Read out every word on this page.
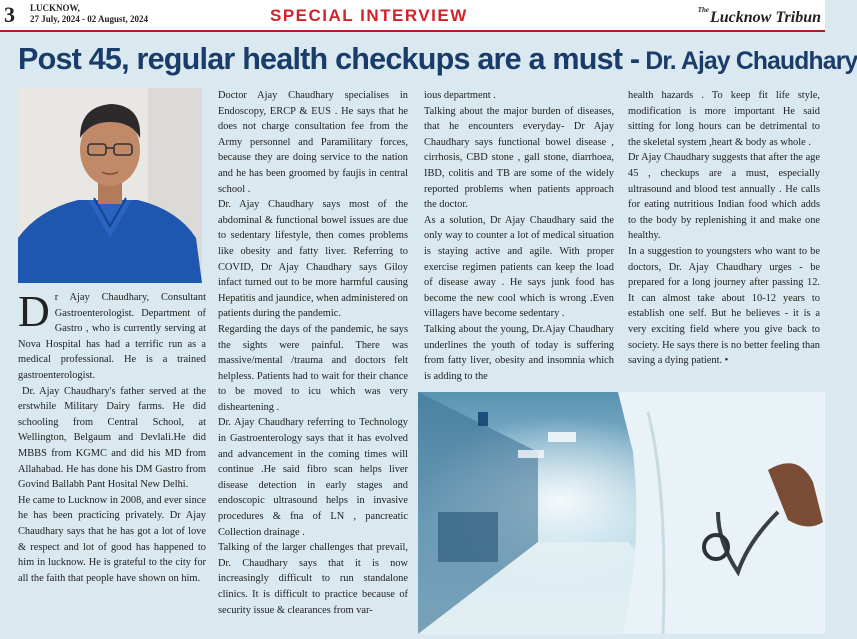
3 LUCKNOW,
27 July, 2024 - 02 August, 2024	SPECIAL INTERVIEW	$^{The}$Lucknow Tribun
Post 45, regular health checkups are a must - Dr. Ajay Chaudhary

Dr Ajay Chaudhary, Consultant Gastroenterologist. Department of Gastro , who is currently serving at Nova Hospital has had a terrific run as a medical professional. He is a trained gastroenterologist.

Dr. Ajay Chaudhary's father served at the erstwhile Military Dairy farms. He did schooling from Central School, at Wellington, Belgaum and Devlali.He did MBBS from KGMC and did his MD from Allahabad. He has done his DM Gastro from Govind Ballabh Pant Hosital New Delhi.

He came to Lucknow in 2008, and ever since he has been practicing privately. Dr Ajay Chaudhary says that he has got a lot of love & respect and lot of good has happened to him in lucknow. He is grateful to the city for all the faith that people have shown on him.

Doctor Ajay Chaudhary specialises in Endoscopy, ERCP & EUS . He says that he does not charge consultation fee from the Army personnel and Paramilitary forces, because they are doing service to the nation and he has been groomed by faujis in central school .

Dr. Ajay Chaudhary says most of the abdominal & functional bowel issues are due to sedentary lifestyle, then comes problems like obesity and fatty liver. Referring to COVID, Dr Ajay Chaudhary says Giloy infact turned out to be more harmful causing Hepatitis and jaundice, when administered on patients during the pandemic.

Regarding the days of the pandemic, he says the sights were painful. There was massive/mental /trauma and doctors felt helpless. Patients had to wait for their chance to be moved to icu which was very disheartening .

Dr. Ajay Chaudhary referring to Technology in Gastroenterology says that it has evolved and advancement in the coming times will continue .He said fibro scan helps liver disease detection in early stages and endoscopic ultrasound helps in invasive procedures & fna of LN , pancreatic Collection drainage .

Talking of the larger challenges that prevail, Dr. Chaudhary says that it is now increasingly difficult to run standalone clinics. It is difficult to practice because of security issue & clearances from var-

ious department .

Talking about the major burden of diseases, that he encounters everyday- Dr Ajay Chaudhary says functional bowel disease , cirrhosis, CBD stone , gall stone, diarrhoea, IBD, colitis and TB are some of the widely reported problems when patients approach the doctor.

As a solution, Dr Ajay Chaudhary said the only way to counter a lot of medical situation is staying active and agile. With proper exercise regimen patients can keep the load of disease away . He says junk food has become the new cool which is wrong .Even villagers have become sedentary .

Talking about the young, Dr.Ajay Chaudhary underlines the youth of today is suffering from fatty liver, obesity and insomnia which is adding to the

health hazards . To keep fit life style, modification is more important He said sitting for long hours can be detrimental to the skeletal system ,heart & body as whole .

Dr Ajay Chaudhary suggests that after the age 45 , checkups are a must, especially ultrasound and blood test annually . He calls for eating nutritious Indian food which adds to the body by replenishing it and make one healthy.

In a suggestion to youngsters who want to be doctors, Dr. Ajay Chaudhary urges - be prepared for a long journey after passing 12. It can almost take about 10-12 years to establish one self. But he believes - it is a very exciting field where you give back to society. He says there is no better feeling than saving a dying patient. •
